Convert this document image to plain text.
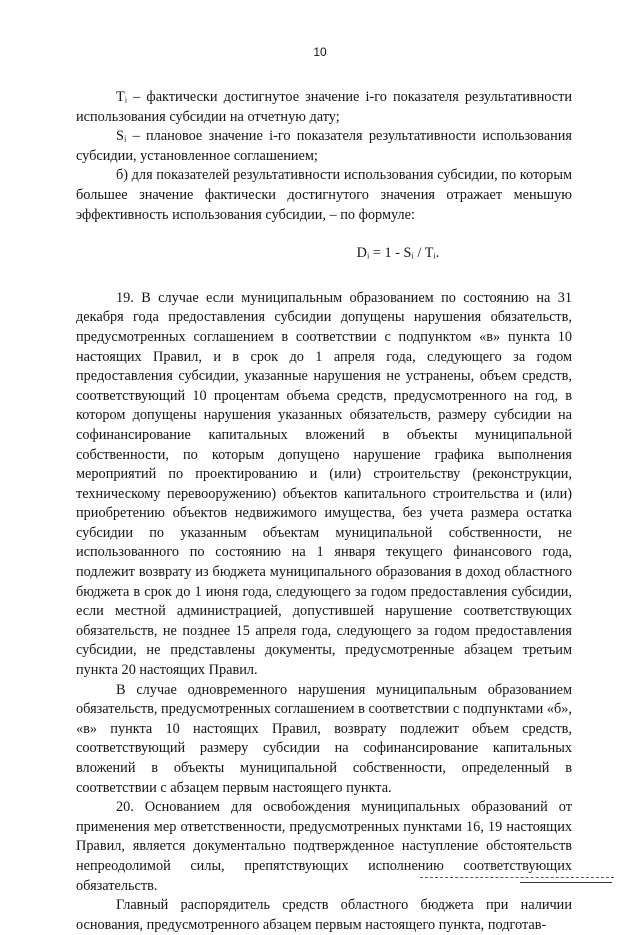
10

Tᵢ – фактически достигнутое значение i-го показателя результативности использования субсидии на отчетную дату;

Sᵢ – плановое значение i-го показателя результативности использования субсидии, установленное соглашением;

б) для показателей результативности использования субсидии, по которым большее значение фактически достигнутого значения отражает меньшую эффективность использования субсидии, – по формуле:

Dᵢ = 1 - Sᵢ / Tᵢ.

19. В случае если муниципальным образованием по состоянию на 31 декабря года предоставления субсидии допущены нарушения обязательств, предусмотренных соглашением в соответствии с подпунктом «в» пункта 10 настоящих Правил, и в срок до 1 апреля года, следующего за годом предоставления субсидии, указанные нарушения не устранены, объем средств, соответствующий 10 процентам объема средств, предусмотренного на год, в котором допущены нарушения указанных обязательств, размеру субсидии на софинансирование капитальных вложений в объекты муниципальной собственности, по которым допущено нарушение графика выполнения мероприятий по проектированию и (или) строительству (реконструкции, техническому перевооружению) объектов капитального строительства и (или) приобретению объектов недвижимого имущества, без учета размера остатка субсидии по указанным объектам муниципальной собственности, не использованного по состоянию на 1 января текущего финансового года, подлежит возврату из бюджета муниципального образования в доход областного бюджета в срок до 1 июня года, следующего за годом предоставления субсидии, если местной администрацией, допустившей нарушение соответствующих обязательств, не позднее 15 апреля года, следующего за годом предоставления субсидии, не представлены документы, предусмотренные абзацем третьим пункта 20 настоящих Правил.

В случае одновременного нарушения муниципальным образованием обязательств, предусмотренных соглашением в соответствии с подпунктами «б», «в» пункта 10 настоящих Правил, возврату подлежит объем средств, соответствующий размеру субсидии на софинансирование капитальных вложений в объекты муниципальной собственности, определенный в соответствии с абзацем первым настоящего пункта.

20. Основанием для освобождения муниципальных образований от применения мер ответственности, предусмотренных пунктами 16, 19 настоящих Правил, является документально подтвержденное наступление обстоятельств непреодолимой силы, препятствующих исполнению соответствующих обязательств.

Главный распорядитель средств областного бюджета при наличии основания, предусмотренного абзацем первым настоящего пункта, подготав-
